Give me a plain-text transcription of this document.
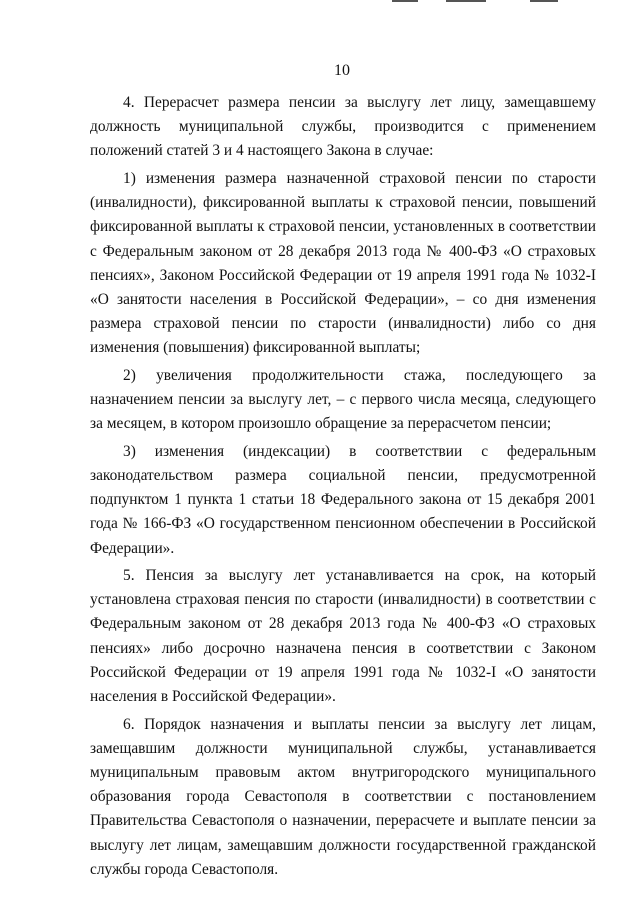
10

4. Перерасчет размера пенсии за выслугу лет лицу, замещавшему должность муниципальной службы, производится с применением положений статей 3 и 4 настоящего Закона в случае:

1) изменения размера назначенной страховой пенсии по старости (инвалидности), фиксированной выплаты к страховой пенсии, повышений фиксированной выплаты к страховой пенсии, установленных в соответствии с Федеральным законом от 28 декабря 2013 года № 400-ФЗ «О страховых пенсиях», Законом Российской Федерации от 19 апреля 1991 года № 1032-I «О занятости населения в Российской Федерации», – со дня изменения размера страховой пенсии по старости (инвалидности) либо со дня изменения (повышения) фиксированной выплаты;

2) увеличения продолжительности стажа, последующего за назначением пенсии за выслугу лет, – с первого числа месяца, следующего за месяцем, в котором произошло обращение за перерасчетом пенсии;

3) изменения (индексации) в соответствии с федеральным законодательством размера социальной пенсии, предусмотренной подпунктом 1 пункта 1 статьи 18 Федерального закона от 15 декабря 2001 года № 166-ФЗ «О государственном пенсионном обеспечении в Российской Федерации».

5. Пенсия за выслугу лет устанавливается на срок, на который установлена страховая пенсия по старости (инвалидности) в соответствии с Федеральным законом от 28 декабря 2013 года № 400-ФЗ «О страховых пенсиях» либо досрочно назначена пенсия в соответствии с Законом Российской Федерации от 19 апреля 1991 года № 1032-I «О занятости населения в Российской Федерации».

6. Порядок назначения и выплаты пенсии за выслугу лет лицам, замещавшим должности муниципальной службы, устанавливается муниципальным правовым актом внутригородского муниципального образования города Севастополя в соответствии с постановлением Правительства Севастополя о назначении, перерасчете и выплате пенсии за выслугу лет лицам, замещавшим должности государственной гражданской службы города Севастополя.
